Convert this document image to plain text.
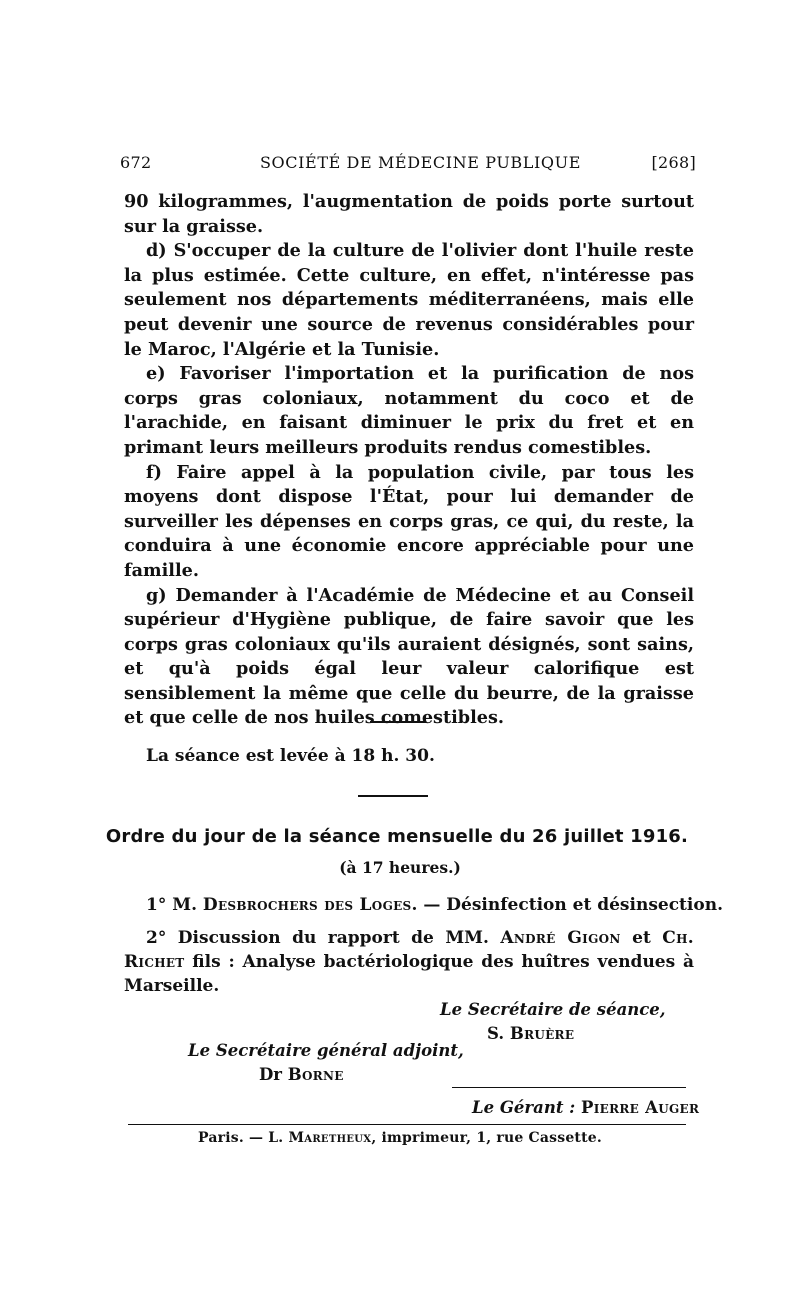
672	SOCIÉTÉ DE MÉDECINE PUBLIQUE	[268]

90 kilogrammes, l'augmentation de poids porte surtout sur la graisse.

d) S'occuper de la culture de l'olivier dont l'huile reste la plus estimée. Cette culture, en effet, n'intéresse pas seulement nos départements méditerranéens, mais elle peut devenir une source de revenus considérables pour le Maroc, l'Algérie et la Tunisie.

e) Favoriser l'importation et la purification de nos corps gras coloniaux, notamment du coco et de l'arachide, en faisant diminuer le prix du fret et en primant leurs meilleurs produits rendus comestibles.

f) Faire appel à la population civile, par tous les moyens dont dispose l'État, pour lui demander de surveiller les dépenses en corps gras, ce qui, du reste, la conduira à une économie encore appréciable pour une famille.

g) Demander à l'Académie de Médecine et au Conseil supérieur d'Hygiène publique, de faire savoir que les corps gras coloniaux qu'ils auraient désignés, sont sains, et qu'à poids égal leur valeur calorifique est sensiblement la même que celle du beurre, de la graisse et que celle de nos huiles comestibles.

La séance est levée à 18 h. 30.
Ordre du jour de la séance mensuelle du 26 juillet 1916.
(à 17 heures.)
1° M. Desbrochers des Loges. — Désinfection et désinsection.
2° Discussion du rapport de MM. André Gigon et Ch. Richet fils : Analyse bactériologique des huîtres vendues à Marseille.
Le Secrétaire de séance,
S. Bruère
Le Secrétaire général adjoint,
Dr Borne
Le Gérant : Pierre Auger
Paris. — L. Maretheux, imprimeur, 1, rue Cassette.
